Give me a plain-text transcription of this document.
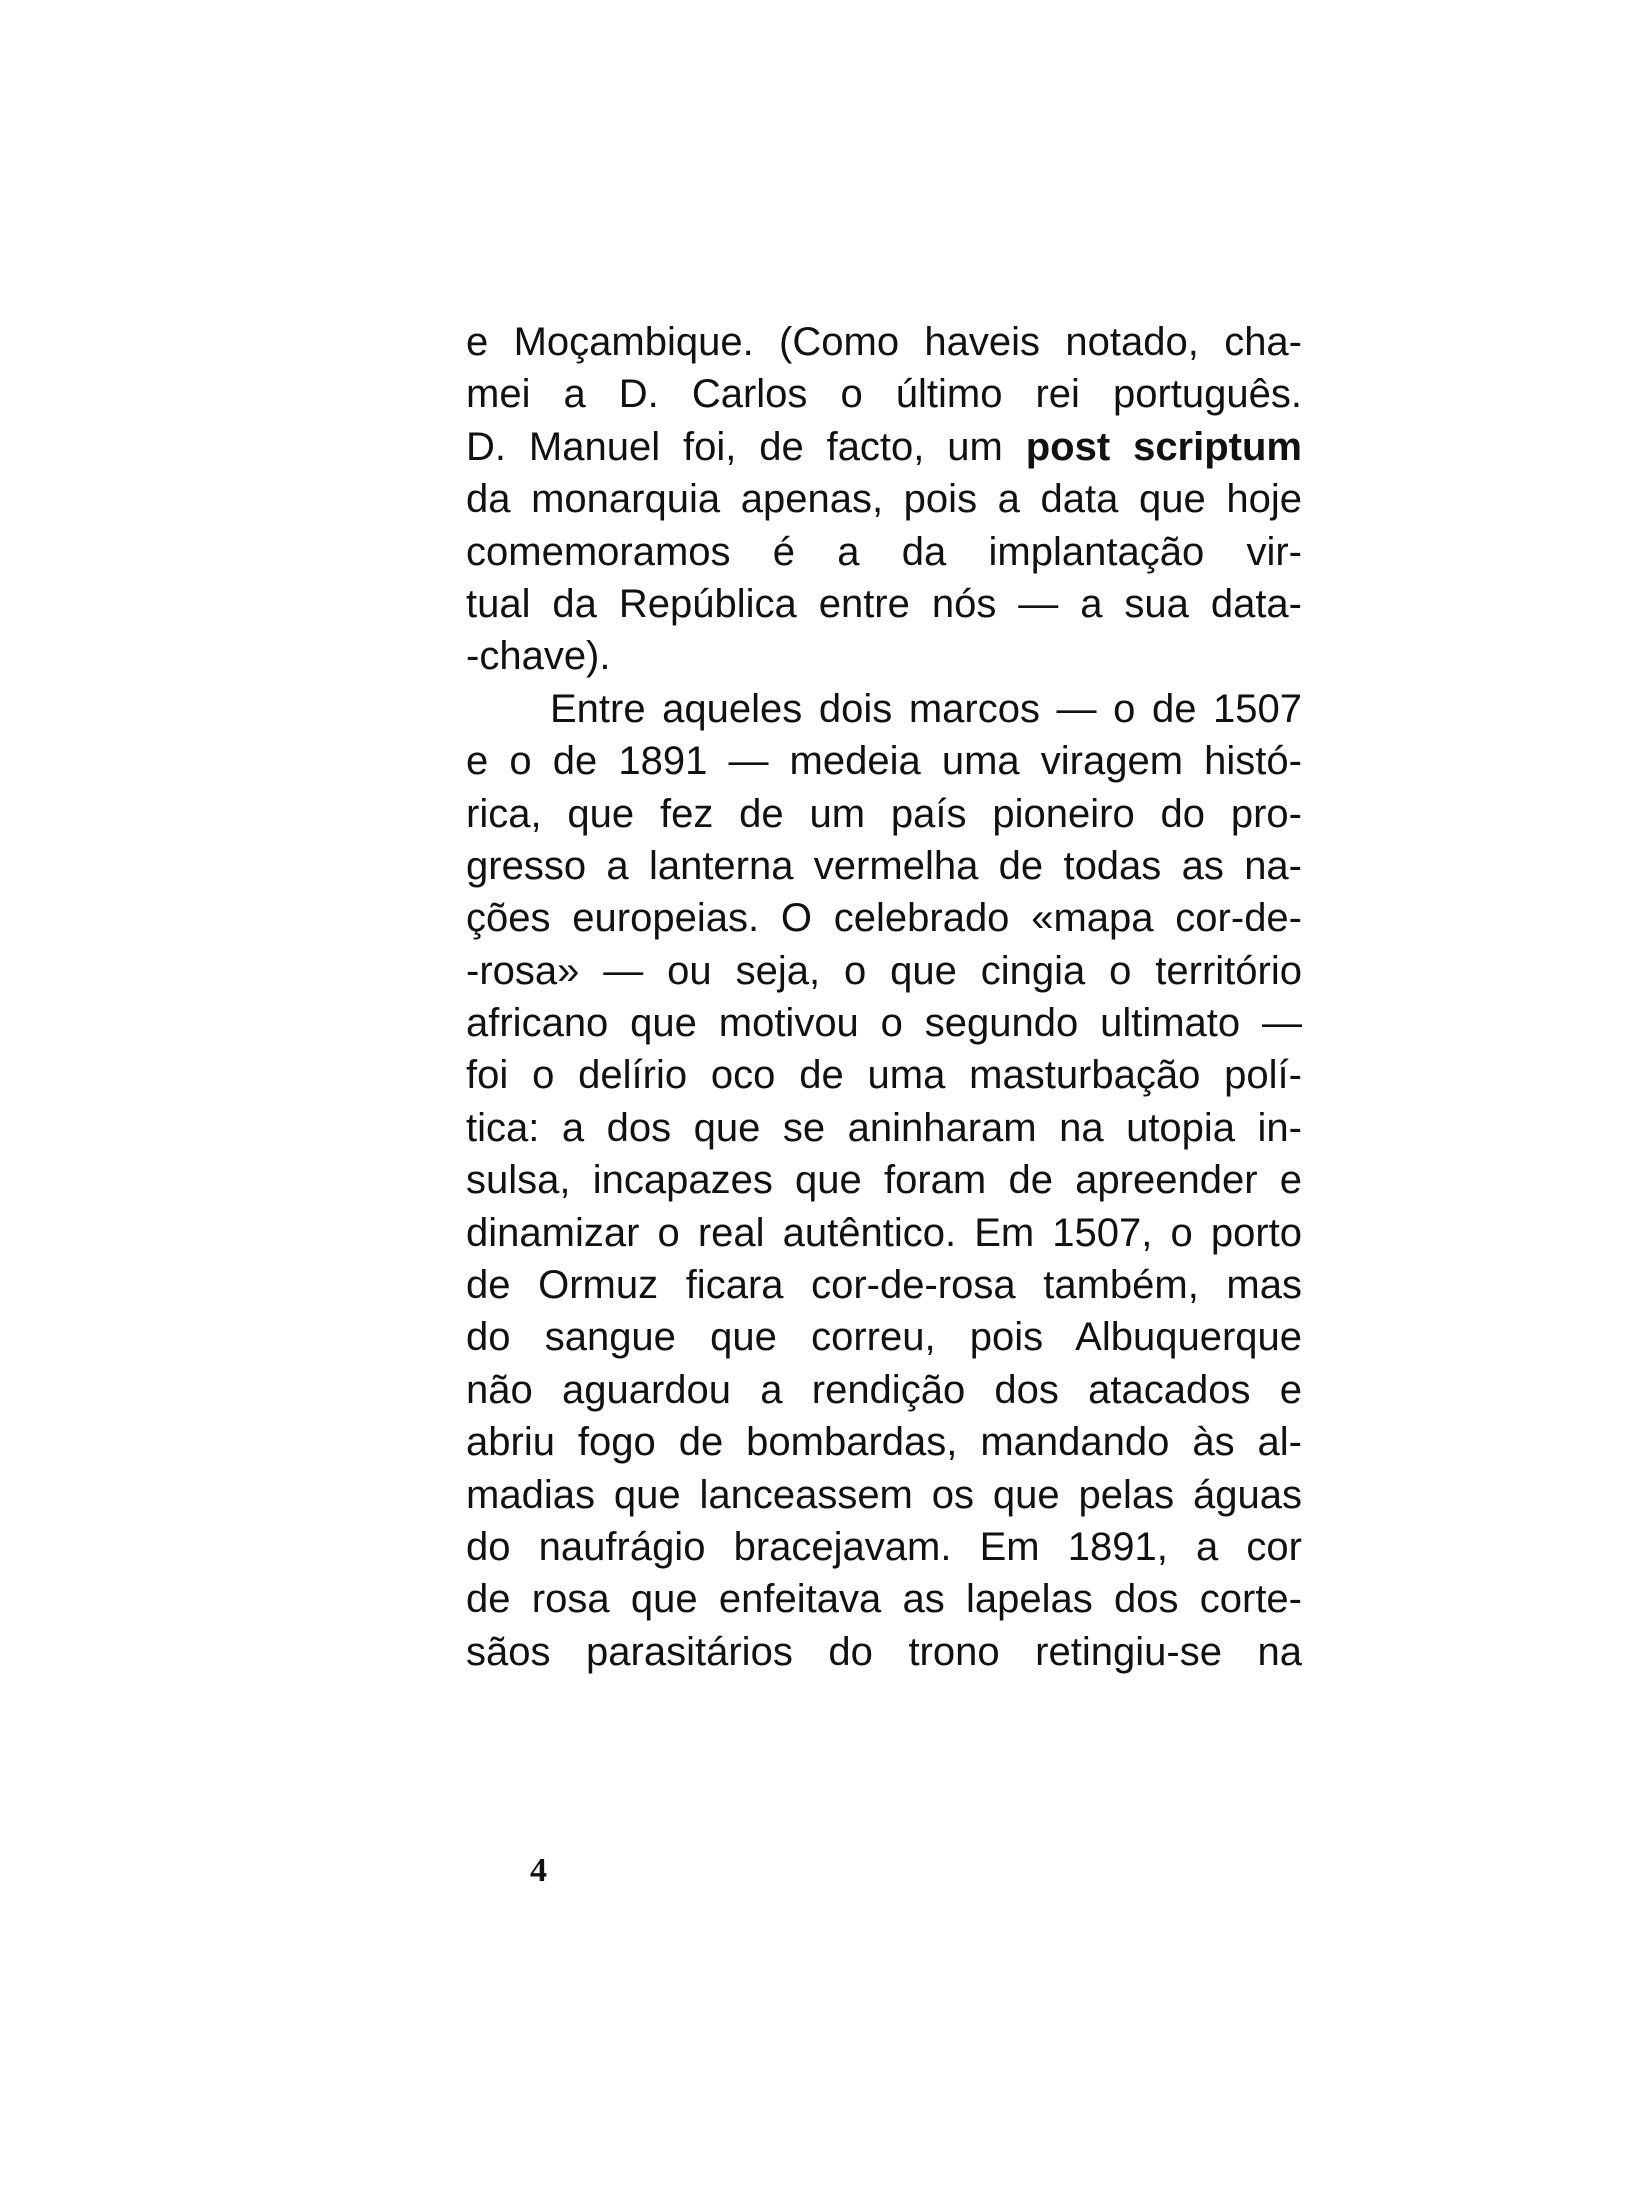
e Moçambique. (Como haveis notado, cha-
mei a D. Carlos o último rei português.
D. Manuel foi, de facto, um post scriptum
da monarquia apenas, pois a data que hoje
comemoramos é a da implantação vir-
tual da República entre nós — a sua data-
-chave).
Entre aqueles dois marcos — o de 1507
e o de 1891 — medeia uma viragem histó-
rica, que fez de um país pioneiro do pro-
gresso a lanterna vermelha de todas as na-
ções europeias. O celebrado «mapa cor-de-
-rosa» — ou seja, o que cingia o território
africano que motivou o segundo ultimato —
foi o delírio oco de uma masturbação polí-
tica: a dos que se aninharam na utopia in-
sulsa, incapazes que foram de apreender e
dinamizar o real autêntico. Em 1507, o porto
de Ormuz ficara cor-de-rosa também, mas
do sangue que correu, pois Albuquerque
não aguardou a rendição dos atacados e
abriu fogo de bombardas, mandando às al-
madias que lanceassem os que pelas águas
do naufrágio bracejavam. Em 1891, a cor
de rosa que enfeitava as lapelas dos corte-
sãos parasitários do trono retingiu-se na
4
